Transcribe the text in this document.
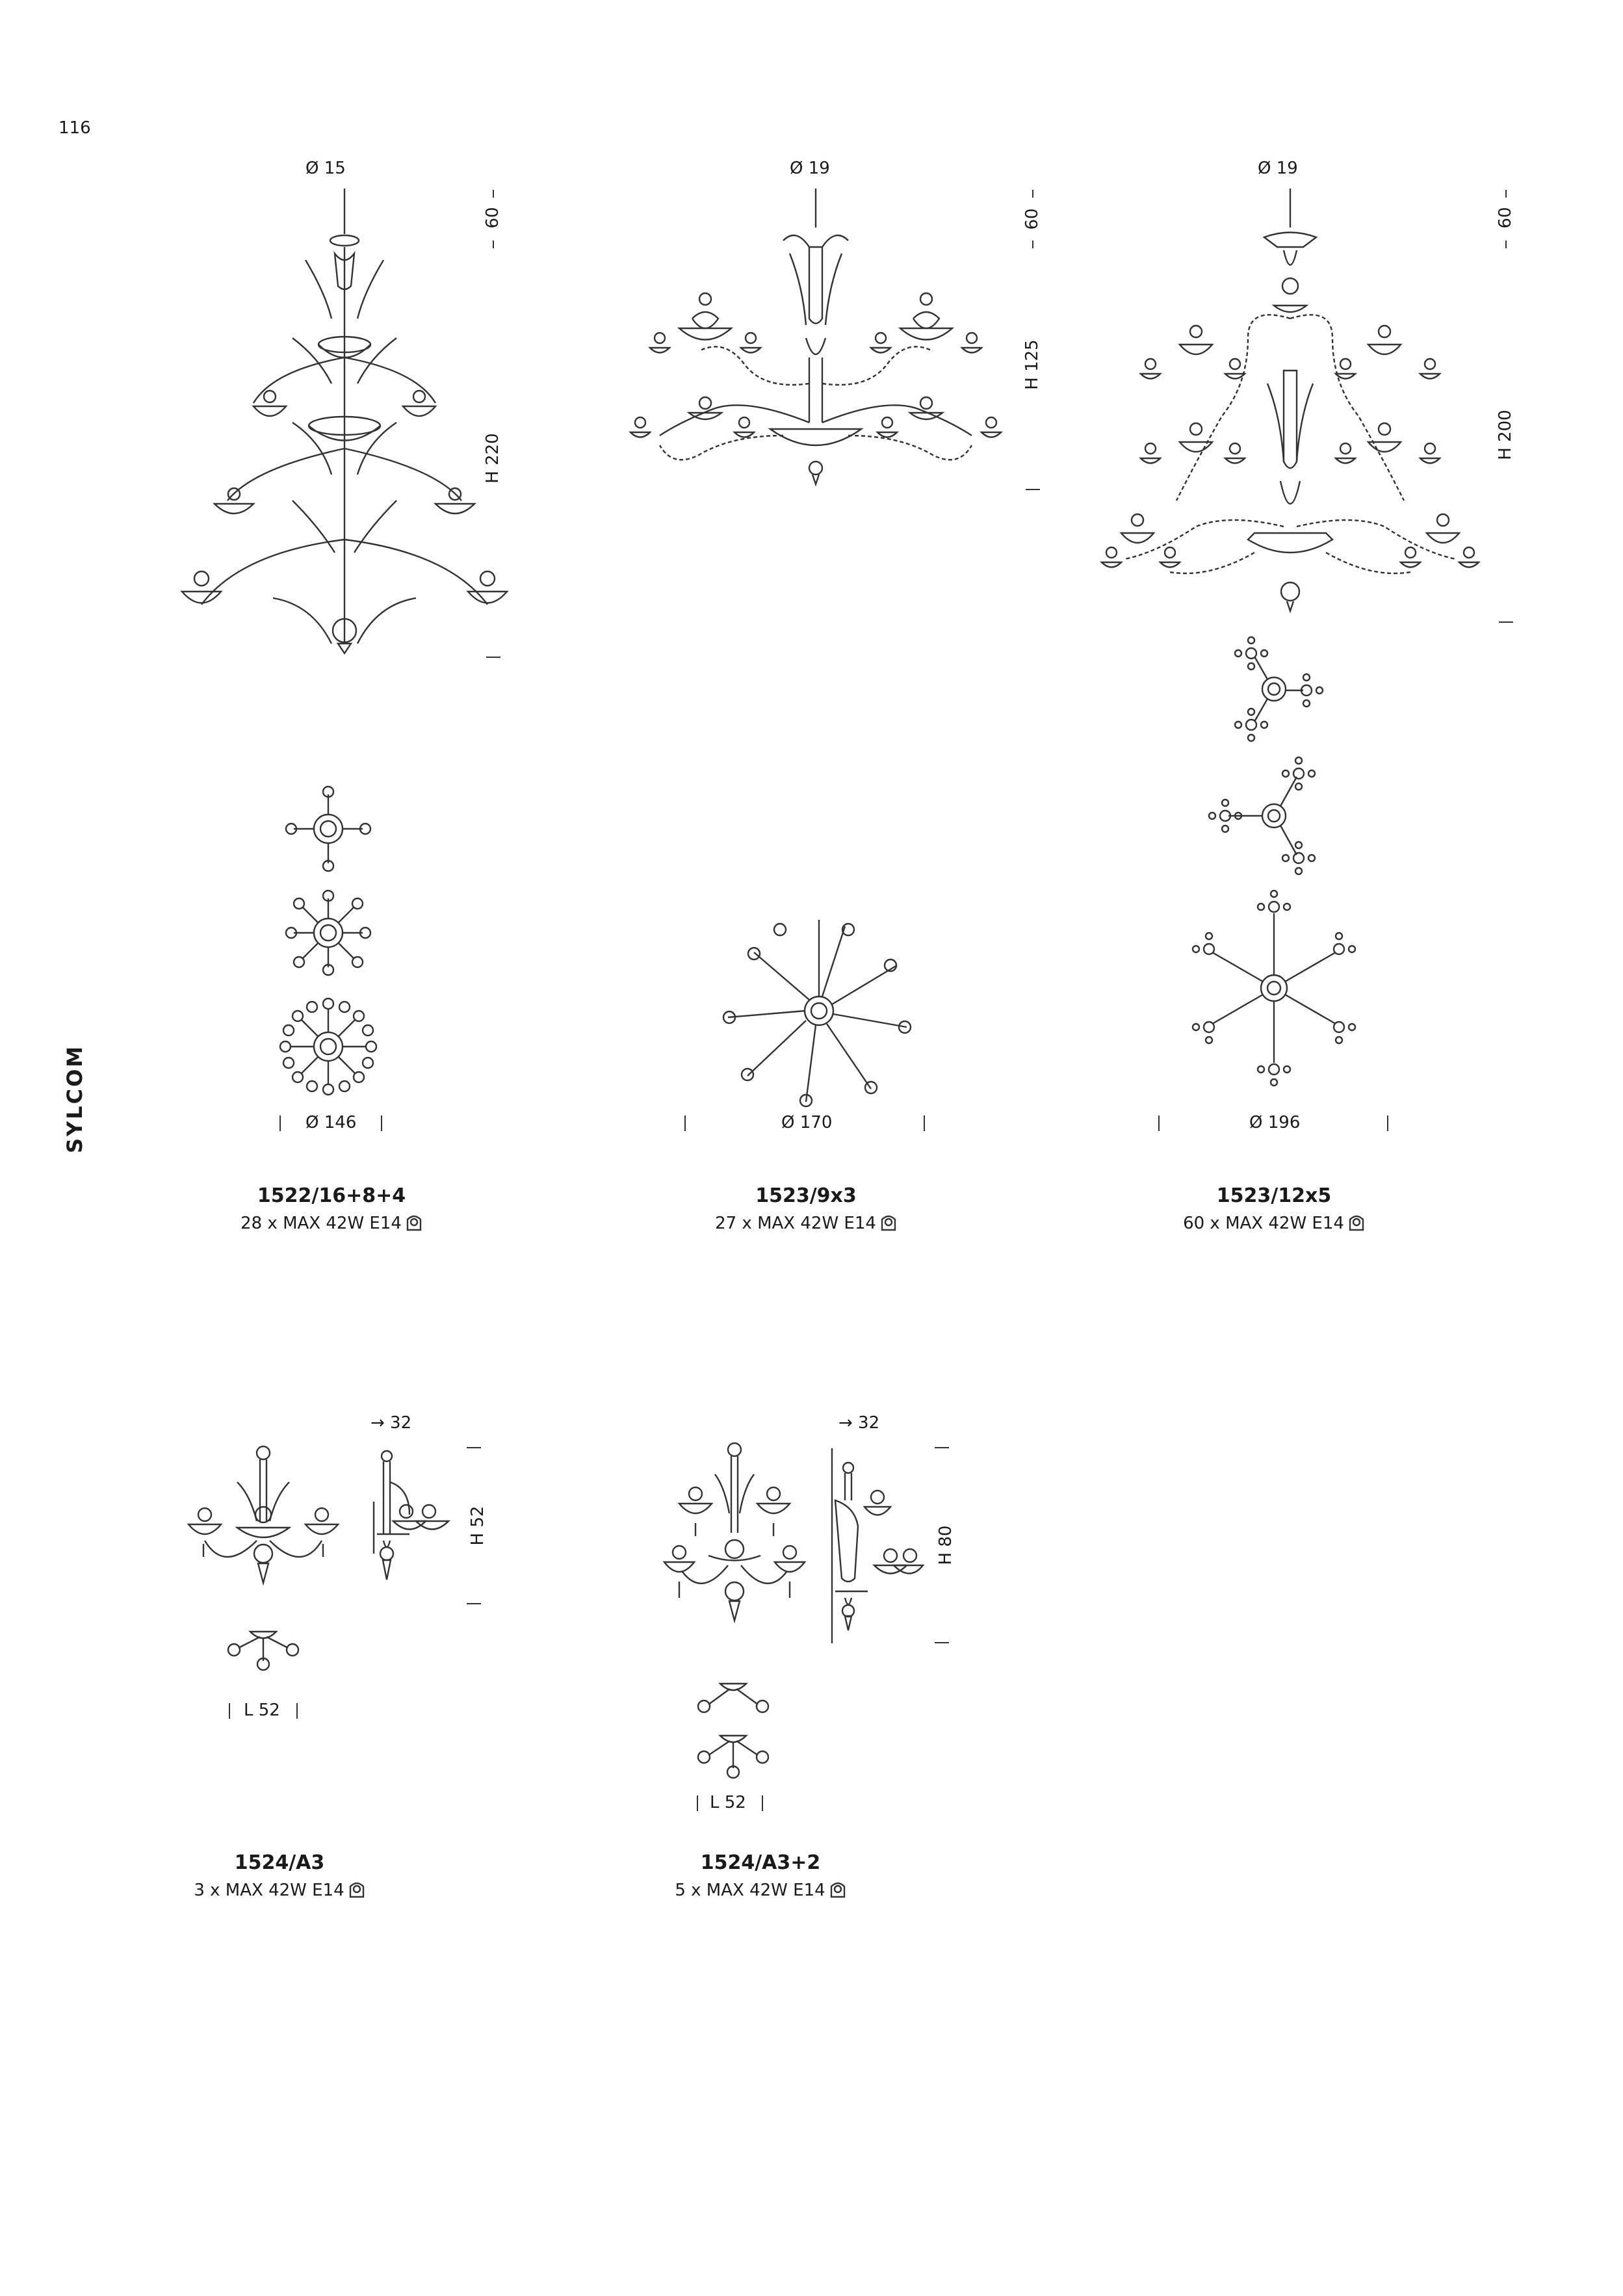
116
SYLCOM
Ø 15
60
H 220
Ø 146
1522/16+8+4
28 x MAX 42W E14
Ø 19
60
H 125
Ø 170
1523/9x3
27 x MAX 42W E14
Ø 19
60
H 200
Ø 196
1523/12x5
60 x MAX 42W E14
→ 32
H 52
L 52
1524/A3
3 x MAX 42W E14
→ 32
H 80
L 52
1524/A3+2
5 x MAX 42W E14
